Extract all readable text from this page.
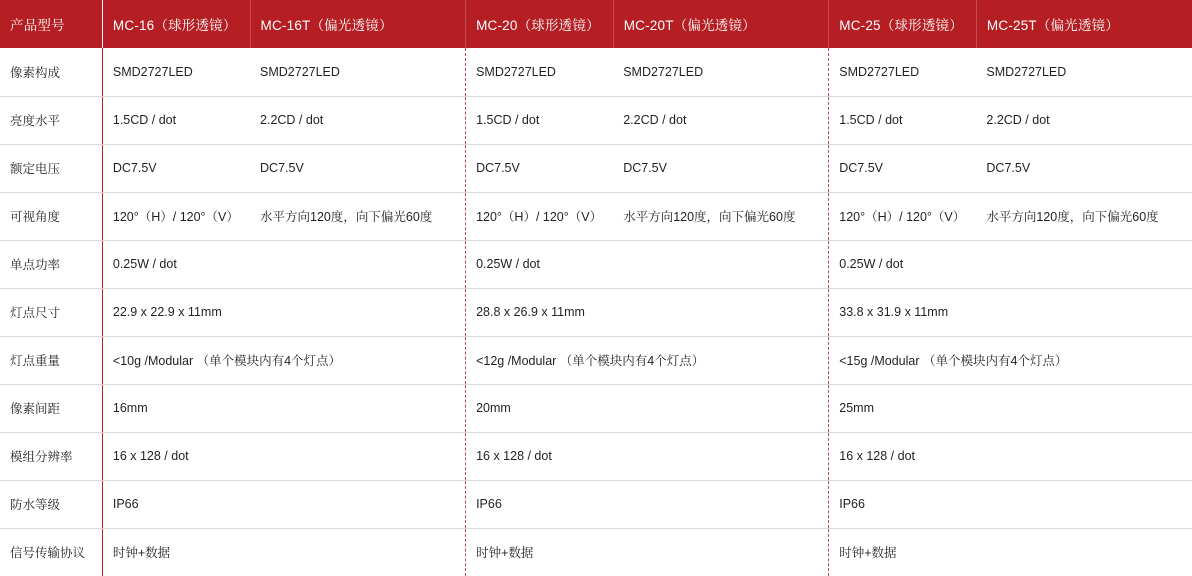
产品型号	MC-16（球形透镜）	MC-16T（偏光透镜）	MC-20（球形透镜）	MC-20T（偏光透镜）	MC-25（球形透镜）	MC-25T（偏光透镜）
像素构成	SMD2727LED	SMD2727LED	SMD2727LED	SMD2727LED	SMD2727LED	SMD2727LED
亮度水平	1.5CD / dot	2.2CD / dot	1.5CD / dot	2.2CD / dot	1.5CD / dot	2.2CD / dot
额定电压	DC7.5V	DC7.5V	DC7.5V	DC7.5V	DC7.5V	DC7.5V
可视角度	120°（H）/ 120°（V）	水平方向120度，向下偏光60度	120°（H）/ 120°（V）	水平方向120度，向下偏光60度	120°（H）/ 120°（V）	水平方向120度，向下偏光60度
单点功率	0.25W / dot		0.25W / dot		0.25W / dot	
灯点尺寸	22.9 x 22.9 x 11mm		28.8 x 26.9 x 11mm		33.8 x 31.9 x 11mm	
灯点重量	<10g /Modular （单个模块内有4个灯点）		<12g /Modular （单个模块内有4个灯点）		<15g /Modular （单个模块内有4个灯点）	
像素间距	16mm		20mm		25mm	
模组分辨率	16 x 128 / dot		16 x 128 / dot		16 x 128 / dot	
防水等级	IP66		IP66		IP66	
信号传输协议	时钟+数据		时钟+数据		时钟+数据	
